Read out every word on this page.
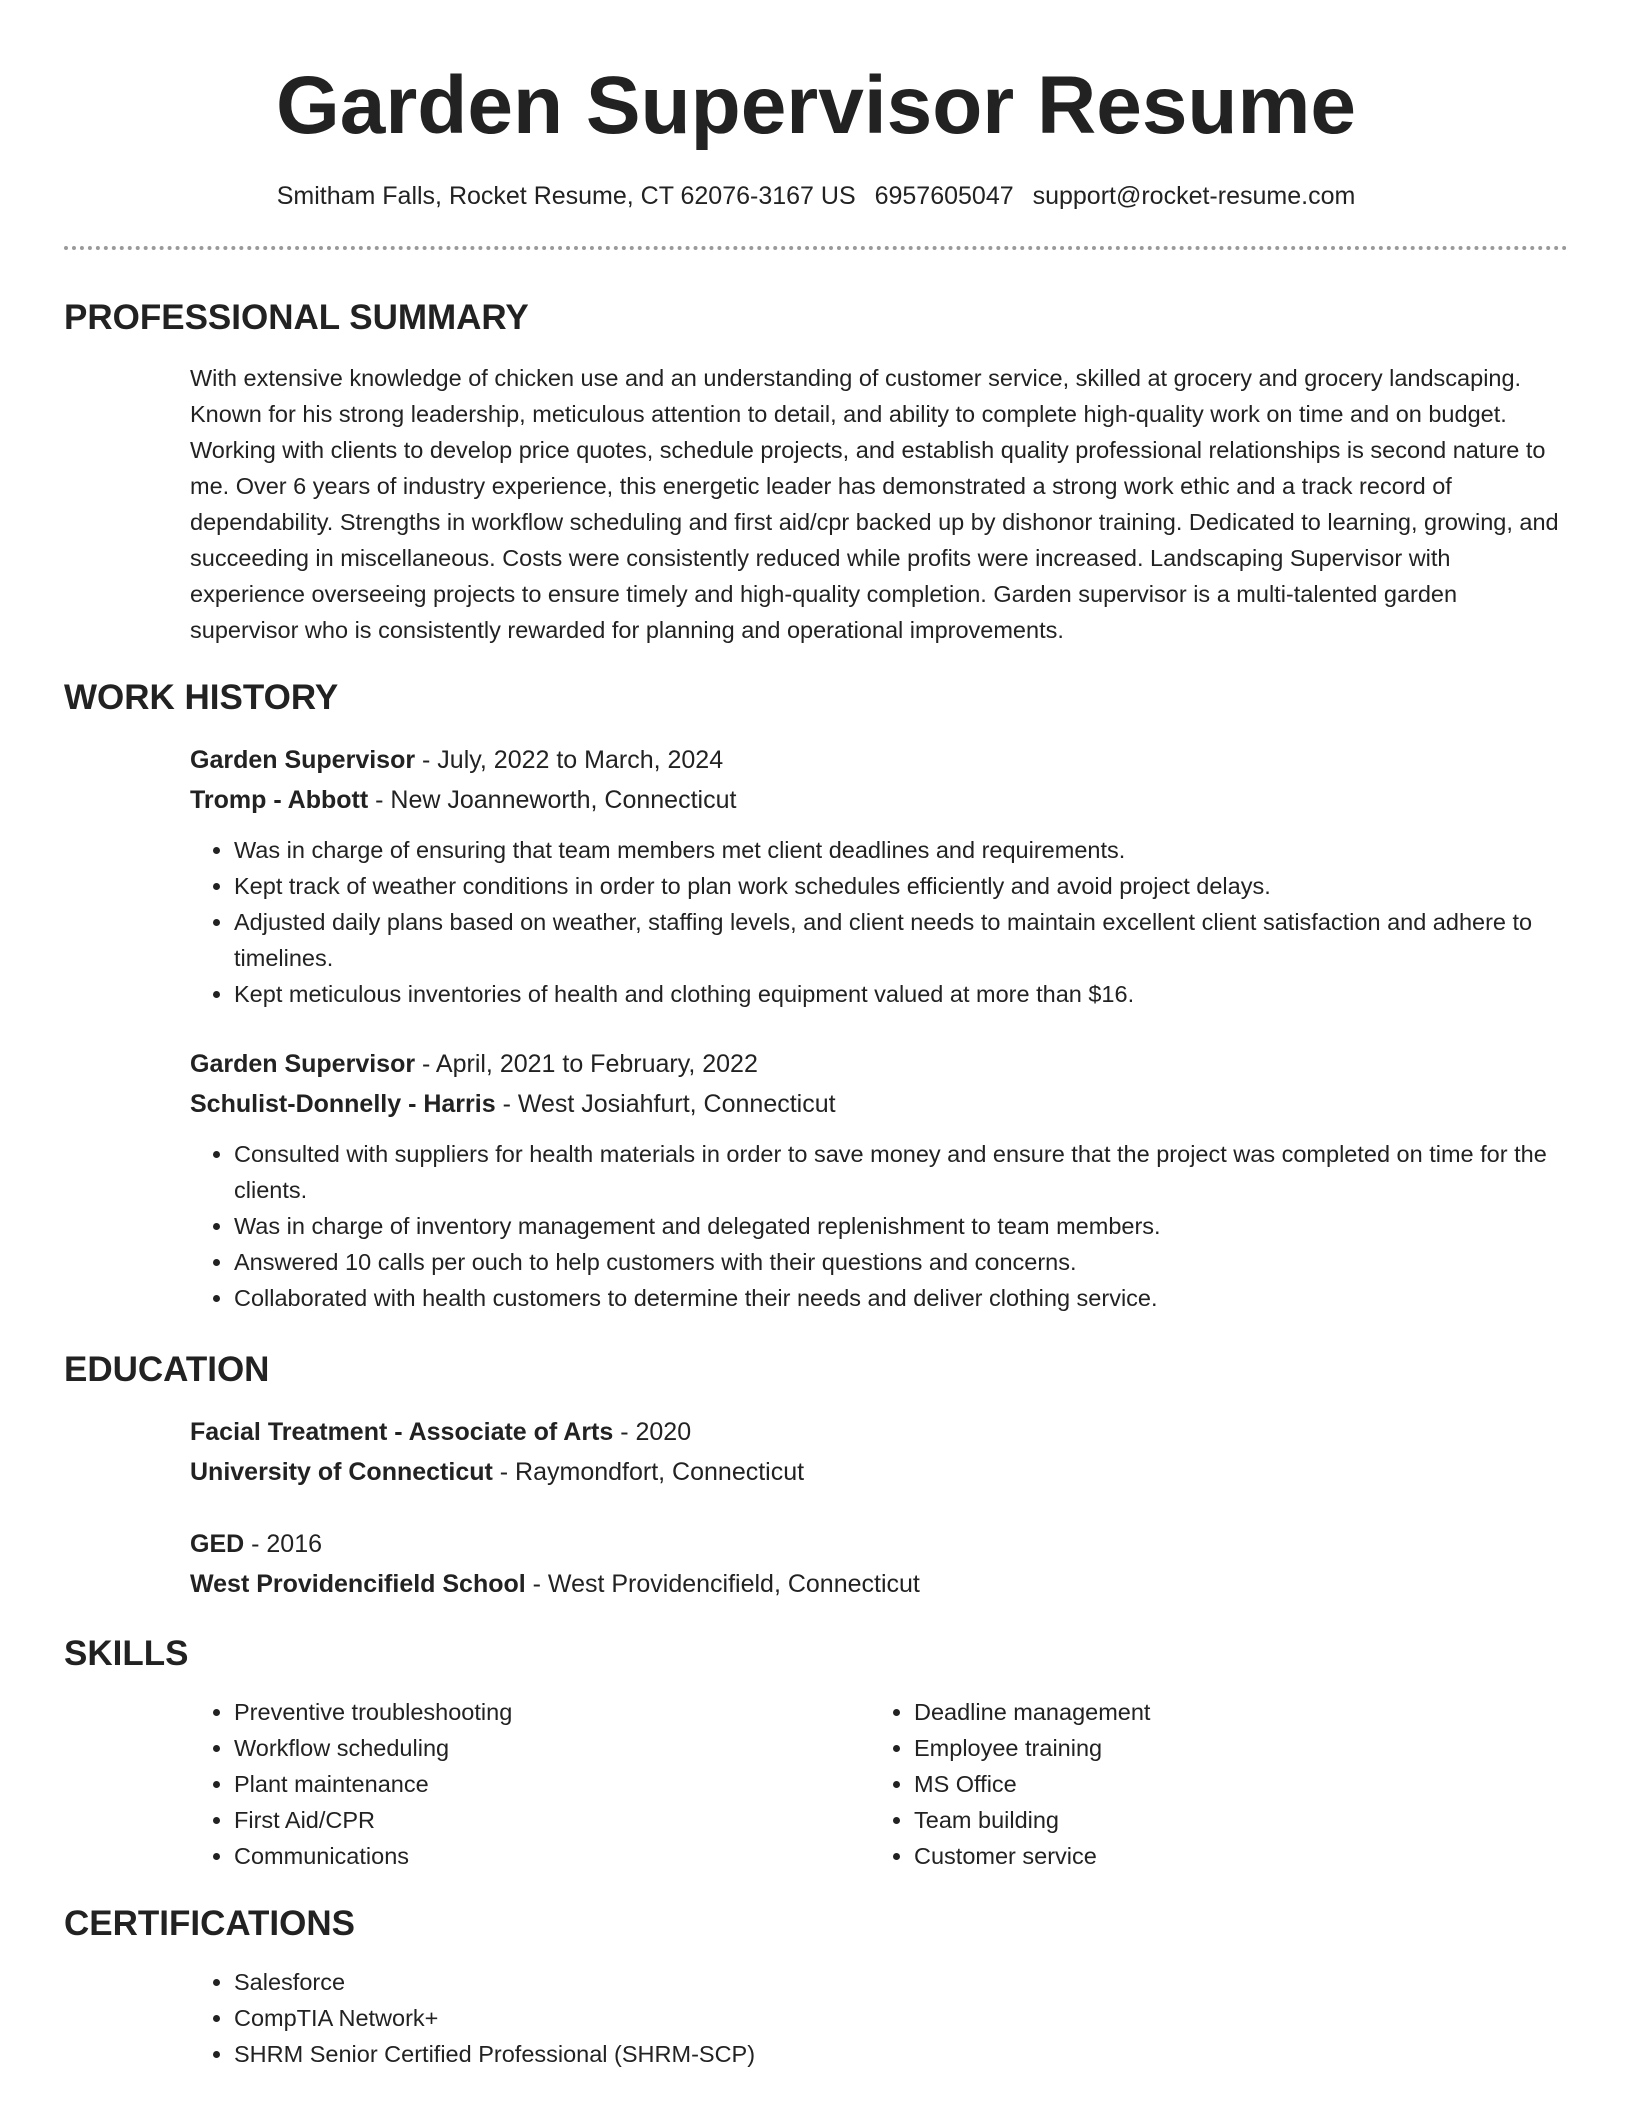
Garden Supervisor Resume
Smitham Falls, Rocket Resume, CT 62076-3167 US 6957605047 support@rocket-resume.com
PROFESSIONAL SUMMARY

With extensive knowledge of chicken use and an understanding of customer service, skilled at grocery and grocery landscaping. Known for his strong leadership, meticulous attention to detail, and ability to complete high-quality work on time and on budget. Working with clients to develop price quotes, schedule projects, and establish quality professional relationships is second nature to me. Over 6 years of industry experience, this energetic leader has demonstrated a strong work ethic and a track record of dependability. Strengths in workflow scheduling and first aid/cpr backed up by dishonor training. Dedicated to learning, growing, and succeeding in miscellaneous. Costs were consistently reduced while profits were increased. Landscaping Supervisor with experience overseeing projects to ensure timely and high-quality completion. Garden supervisor is a multi-talented garden supervisor who is consistently rewarded for planning and operational improvements.

WORK HISTORY
Garden Supervisor - July, 2022 to March, 2024
Tromp - Abbott - New Joanneworth, Connecticut
• Was in charge of ensuring that team members met client deadlines and requirements.
• Kept track of weather conditions in order to plan work schedules efficiently and avoid project delays.
• Adjusted daily plans based on weather, staffing levels, and client needs to maintain excellent client satisfaction and adhere to timelines.
• Kept meticulous inventories of health and clothing equipment valued at more than $16.
Garden Supervisor - April, 2021 to February, 2022
Schulist-Donnelly - Harris - West Josiahfurt, Connecticut
• Consulted with suppliers for health materials in order to save money and ensure that the project was completed on time for the clients.
• Was in charge of inventory management and delegated replenishment to team members.
• Answered 10 calls per ouch to help customers with their questions and concerns.
• Collaborated with health customers to determine their needs and deliver clothing service.
EDUCATION
Facial Treatment - Associate of Arts - 2020
University of Connecticut - Raymondfort, Connecticut
GED - 2016
West Providencifield School - West Providencifield, Connecticut
SKILLS
• Preventive troubleshooting
• Workflow scheduling
• Plant maintenance
• First Aid/CPR
• Communications
• Deadline management
• Employee training
• MS Office
• Team building
• Customer service
CERTIFICATIONS
• Salesforce
• CompTIA Network+
• SHRM Senior Certified Professional (SHRM-SCP)
